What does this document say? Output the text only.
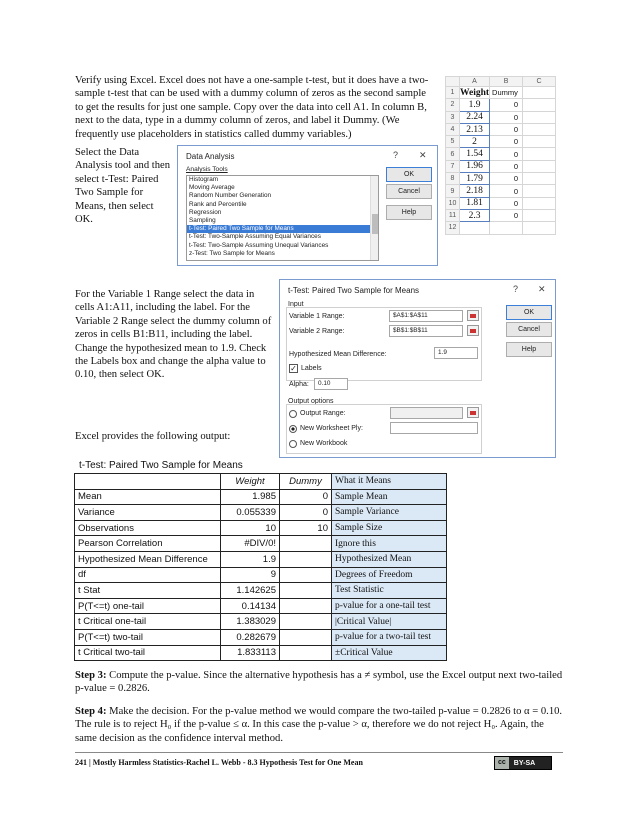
Verify using Excel. Excel does not have a one-sample t-test, but it does have a two-sample t-test that can be used with a dummy column of zeros as the second sample to get the results for just one sample. Copy over the data into cell A1. In column B, next to the data, type in a dummy column of zeros, and label it Dummy. (We frequently use placeholders in statistics called dummy variables.)
	A	B	C
1	Weight	Dummy	
2	1.9	0	
3	2.24	0	
4	2.13	0	
5	2	0	
6	1.54	0	
7	1.96	0	
8	1.79	0	
9	2.18	0	
10	1.81	0	
11	2.3	0	
12			
Select the Data Analysis tool and then select t-Test: Paired Two Sample for Means, then select OK.
Data Analysis	? ✕
Analysis Tools
Histogram
Moving Average
Random Number Generation
Rank and Percentile
Regression
Sampling
t-Test: Paired Two Sample for Means
t-Test: Two-Sample Assuming Equal Variances
t-Test: Two-Sample Assuming Unequal Variances
z-Test: Two Sample for Means
OK
Cancel
Help
For the Variable 1 Range select the data in cells A1:A11, including the label. For the Variable 2 Range select the dummy column of zeros in cells B1:B11, including the label. Change the hypothesized mean to 1.9. Check the Labels box and change the alpha value to 0.10, then select OK.
t-Test: Paired Two Sample for Means	? ✕
Input
Variable 1 Range:	$A$1:$A$11
Variable 2 Range:	$B$1:$B$11
Hypothesized Mean Difference:	1.9
✓ Labels
Alpha:	0.10
Output options
Output Range:
New Worksheet Ply:
New Workbook
OK
Cancel
Help
Excel provides the following output:
t-Test: Paired Two Sample for Means
	Weight	Dummy	What it Means
Mean	1.985	0	Sample Mean
Variance	0.055339	0	Sample Variance
Observations	10	10	Sample Size
Pearson Correlation	#DIV/0!		Ignore this
Hypothesized Mean Difference	1.9		Hypothesized Mean
df	9		Degrees of Freedom
t Stat	1.142625		Test Statistic
P(T<=t) one-tail	0.14134		p-value for a one-tail test
t Critical one-tail	1.383029		|Critical Value|
P(T<=t) two-tail	0.282679		p-value for a two-tail test
t Critical two-tail	1.833113		±Critical Value
Step 3: Compute the p-value. Since the alternative hypothesis has a ≠ symbol, use the Excel output next two-tailed p-value = 0.2826.
Step 4: Make the decision. For the p-value method we would compare the two-tailed p-value = 0.2826 to α = 0.10. The rule is to reject H₀ if the p-value ≤ α. In this case the p-value > α, therefore we do not reject H₀. Again, the same decision as the confidence interval method.
241 | Mostly Harmless Statistics-Rachel L. Webb - 8.3 Hypothesis Test for One Mean	cc	BY-SA
